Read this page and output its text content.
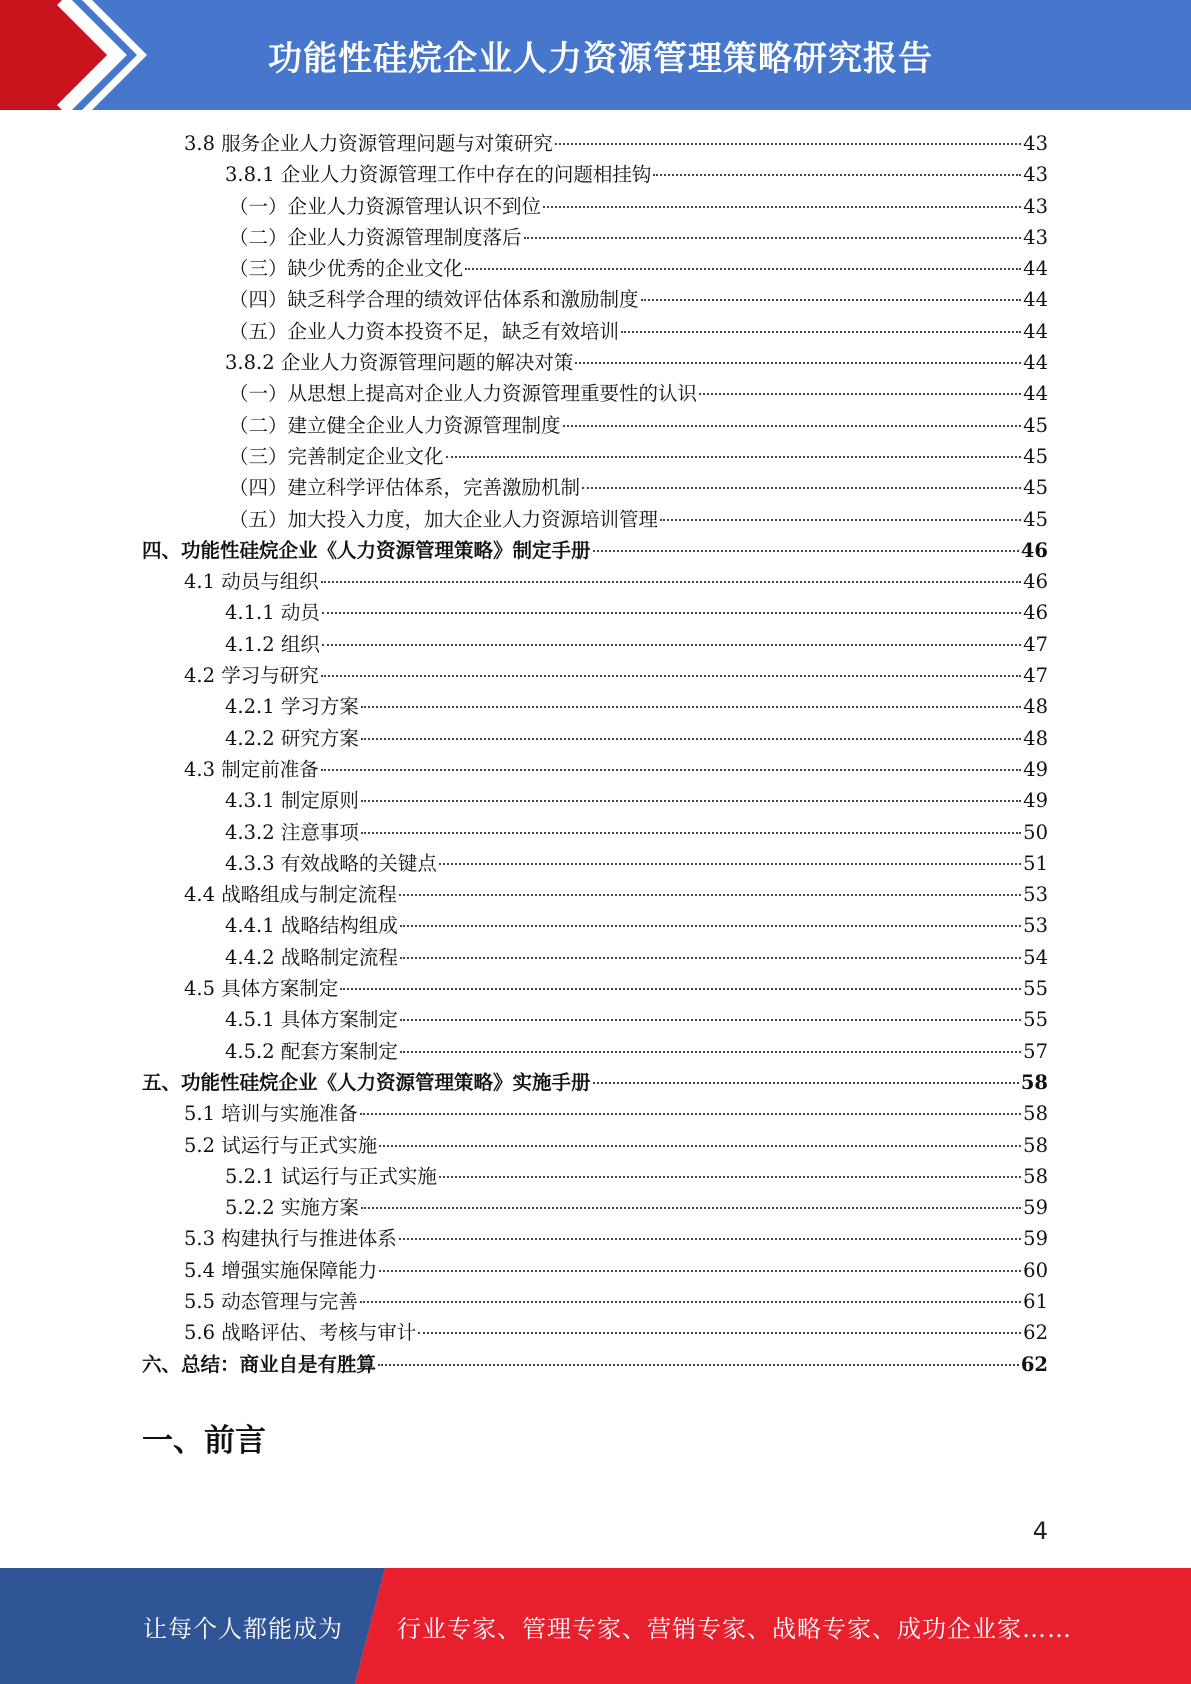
功能性硅烷企业人力资源管理策略研究报告
3.8 服务企业人力资源管理问题与对策研究	43
3.8.1 企业人力资源管理工作中存在的问题相挂钩	43
（一）企业人力资源管理认识不到位	43
（二）企业人力资源管理制度落后	43
（三）缺少优秀的企业文化	44
（四）缺乏科学合理的绩效评估体系和激励制度	44
（五）企业人力资本投资不足，缺乏有效培训	44
3.8.2 企业人力资源管理问题的解决对策	44
（一）从思想上提高对企业人力资源管理重要性的认识	44
（二）建立健全企业人力资源管理制度	45
（三）完善制定企业文化	45
（四）建立科学评估体系，完善激励机制	45
（五）加大投入力度，加大企业人力资源培训管理	45
四、功能性硅烷企业《人力资源管理策略》制定手册	46
4.1 动员与组织	46
4.1.1 动员	46
4.1.2 组织	47
4.2 学习与研究	47
4.2.1 学习方案	48
4.2.2 研究方案	48
4.3 制定前准备	49
4.3.1 制定原则	49
4.3.2 注意事项	50
4.3.3 有效战略的关键点	51
4.4 战略组成与制定流程	53
4.4.1 战略结构组成	53
4.4.2 战略制定流程	54
4.5 具体方案制定	55
4.5.1 具体方案制定	55
4.5.2 配套方案制定	57
五、功能性硅烷企业《人力资源管理策略》实施手册	58
5.1 培训与实施准备	58
5.2 试运行与正式实施	58
5.2.1 试运行与正式实施	58
5.2.2 实施方案	59
5.3 构建执行与推进体系	59
5.4 增强实施保障能力	60
5.5 动态管理与完善	61
5.6 战略评估、考核与审计	62
六、总结：商业自是有胜算	62
一、前言
4
让每个人都能成为 行业专家、管理专家、营销专家、战略专家、成功企业家……
